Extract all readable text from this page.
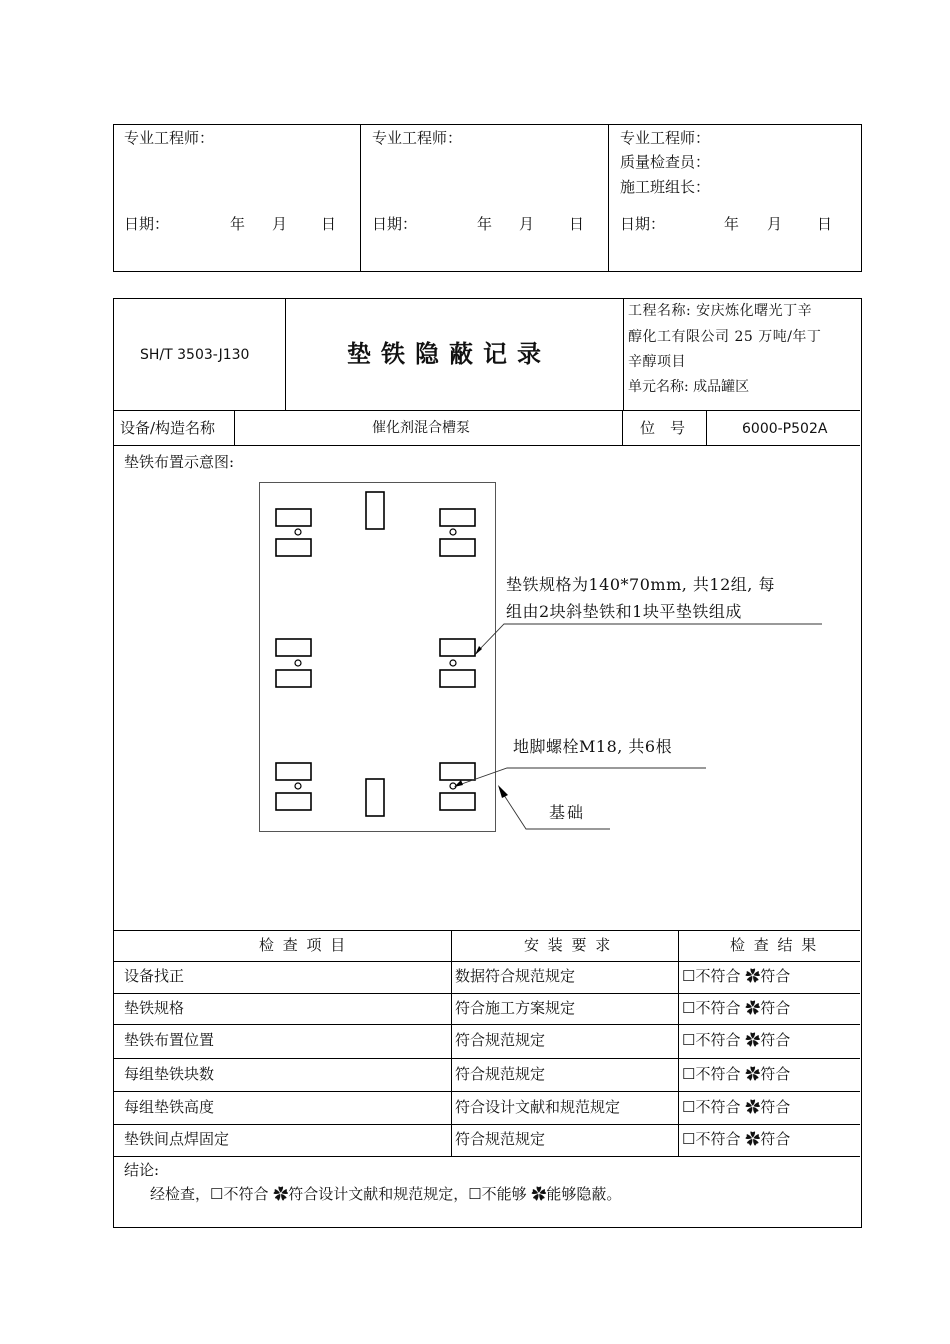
专业工程师：
日期：	年 月 日
专业工程师：
日期：	年 月 日
专业工程师：
质量检查员：
施工班组长：
日期：	年 月 日
SH/T 3503-J130	垫铁隐蔽记录
工程名称: 安庆炼化曙光丁辛
醇化工有限公司 25 万吨/年丁
辛醇项目
单元名称: 成品罐区
设备/构造名称	催化剂混合槽泵	位　号	6000-P502A
垫铁布置示意图:
垫铁规格为140*70mm, 共12组, 每
组由2块斜垫铁和1块平垫铁组成
地脚螺栓M18, 共6根
基础
检 查 项 目	安 装 要 求	检 查 结 果
设备找正	数据符合规范规定	☐不符合 ✿符合
垫铁规格	符合施工方案规定	☐不符合 ✿符合
垫铁布置位置	符合规范规定	☐不符合 ✿符合
每组垫铁块数	符合规范规定	☐不符合 ✿符合
每组垫铁高度	符合设计文献和规范规定	☐不符合 ✿符合
垫铁间点焊固定	符合规范规定	☐不符合 ✿符合
结论:
经检查，☐不符合 ✿符合设计文献和规范规定，☐不能够 ✿能够隐蔽。
